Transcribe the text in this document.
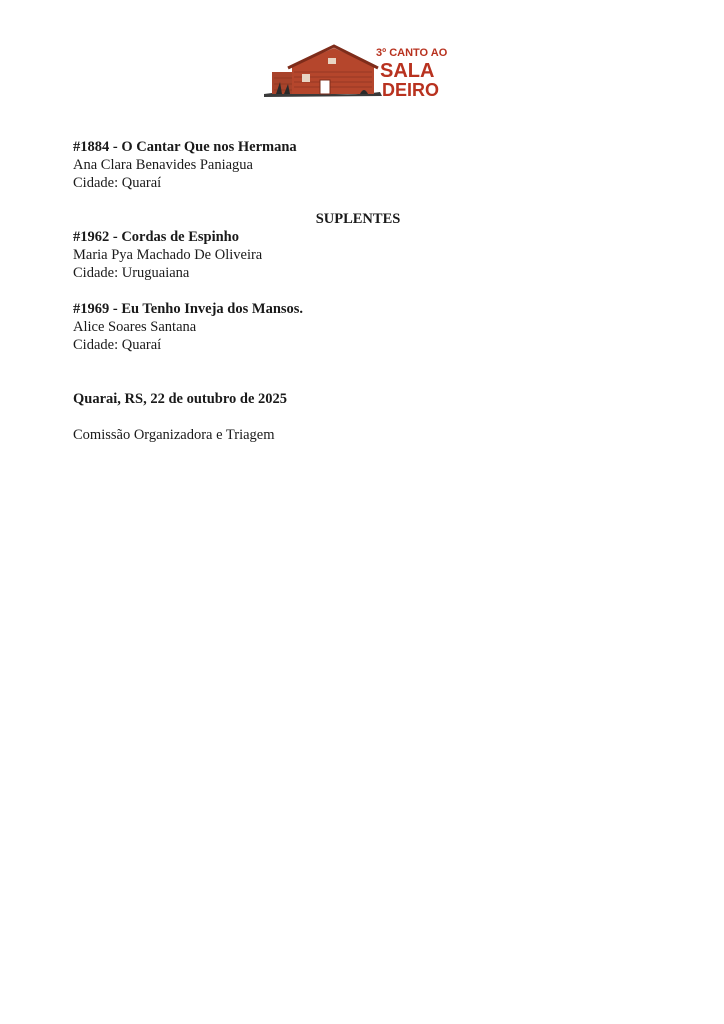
3º CANTO AO
SALA
DEIRO
#1884 - O Cantar Que nos Hermana
Ana Clara Benavides Paniagua
Cidade: Quaraí
SUPLENTES
#1962 - Cordas de Espinho
Maria Pya Machado De Oliveira
Cidade: Uruguaiana
#1969 - Eu Tenho Inveja dos Mansos.
Alice Soares Santana
Cidade: Quaraí
Quarai, RS, 22 de outubro de 2025
Comissão Organizadora e Triagem
